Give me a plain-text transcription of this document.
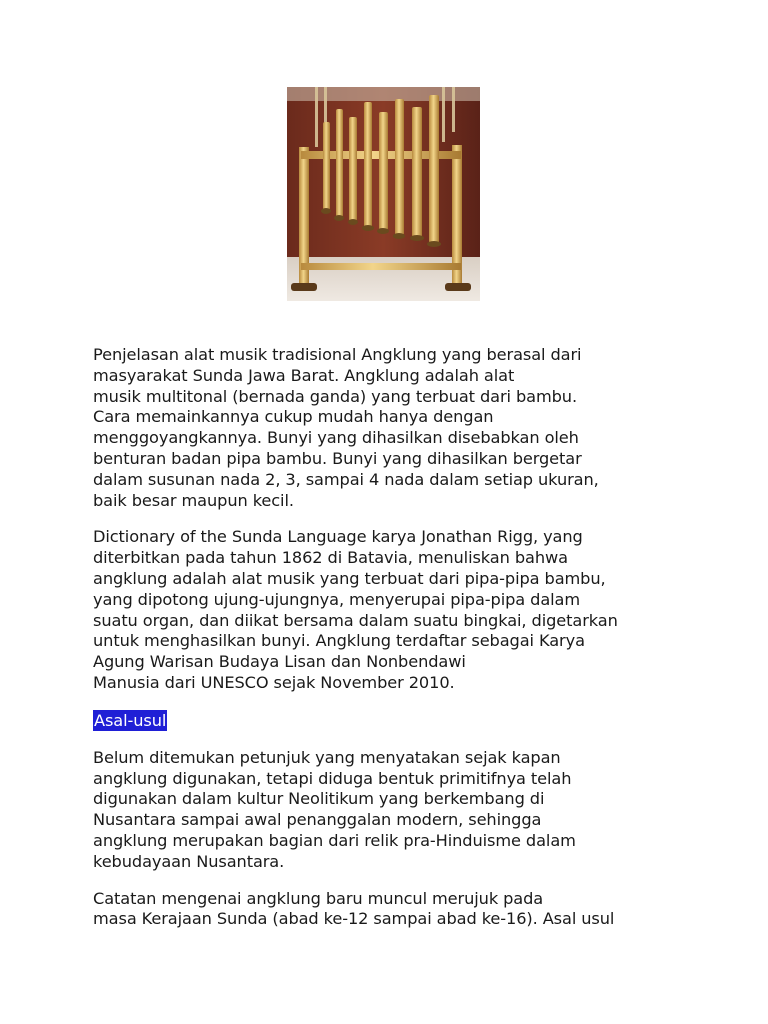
Penjelasan alat musik tradisional Angklung yang berasal dari
masyarakat Sunda Jawa Barat. Angklung adalah alat
musik multitonal (bernada ganda) yang terbuat dari bambu.
Cara memainkannya cukup mudah hanya dengan
menggoyangkannya. Bunyi yang dihasilkan disebabkan oleh
benturan badan pipa bambu. Bunyi yang dihasilkan bergetar
dalam susunan nada 2, 3, sampai 4 nada dalam setiap ukuran,
baik besar maupun kecil.

Dictionary of the Sunda Language karya Jonathan Rigg, yang
diterbitkan pada tahun 1862 di Batavia, menuliskan bahwa
angklung adalah alat musik yang terbuat dari pipa-pipa bambu,
yang dipotong ujung-ujungnya, menyerupai pipa-pipa dalam
suatu organ, dan diikat bersama dalam suatu bingkai, digetarkan
untuk menghasilkan bunyi. Angklung terdaftar sebagai Karya
Agung Warisan Budaya Lisan dan Nonbendawi
Manusia dari UNESCO sejak November 2010.

Asal-usul

Belum ditemukan petunjuk yang menyatakan sejak kapan
angklung digunakan, tetapi diduga bentuk primitifnya telah
digunakan dalam kultur Neolitikum yang berkembang di
Nusantara sampai awal penanggalan modern, sehingga
angklung merupakan bagian dari relik pra-Hinduisme dalam
kebudayaan Nusantara.

Catatan mengenai angklung baru muncul merujuk pada
masa Kerajaan Sunda (abad ke-12 sampai abad ke-16). Asal usul
